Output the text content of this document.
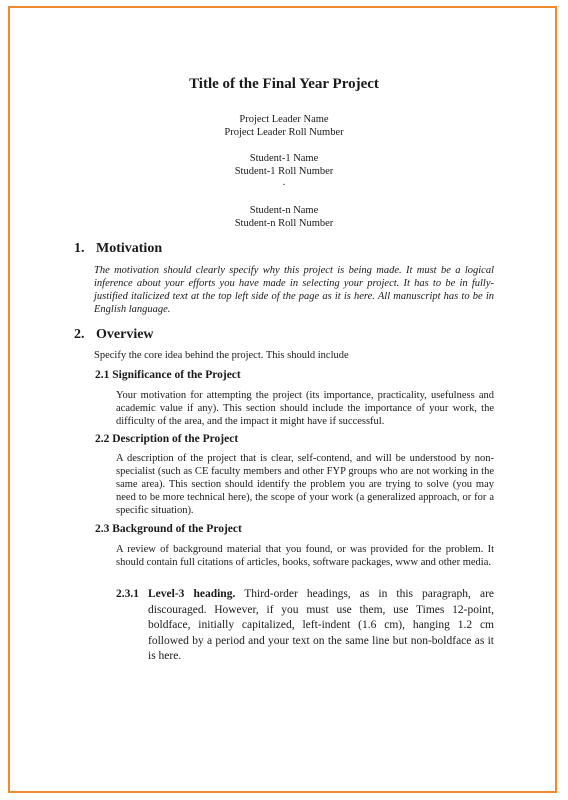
Title of the Final Year Project
Project Leader Name
Project Leader Roll Number
Student-1 Name
Student-1 Roll Number
.
Student-n Name
Student-n Roll Number
1. Motivation
The motivation should clearly specify why this project is being made. It must be a logical inference about your efforts you have made in selecting your project. It has to be in fully-justified italicized text at the top left side of the page as it is here. All manuscript has to be in English language.
2. Overview
Specify the core idea behind the project. This should include
2.1 Significance of the Project
Your motivation for attempting the project (its importance, practicality, usefulness and academic value if any). This section should include the importance of your work, the difficulty of the area, and the impact it might have if successful.
2.2 Description of the Project
A description of the project that is clear, self-contend, and will be understood by non-specialist (such as CE faculty members and other FYP groups who are not working in the same area). This section should identify the problem you are trying to solve (you may need to be more technical here), the scope of your work (a generalized approach, or for a specific situation).
2.3 Background of the Project
A review of background material that you found, or was provided for the problem. It should contain full citations of articles, books, software packages, www and other media.
2.3.1 Level-3 heading. Third-order headings, as in this paragraph, are discouraged. However, if you must use them, use Times 12-point, boldface, initially capitalized, left-indent (1.6 cm), hanging 1.2 cm followed by a period and your text on the same line but non-boldface as it is here.
